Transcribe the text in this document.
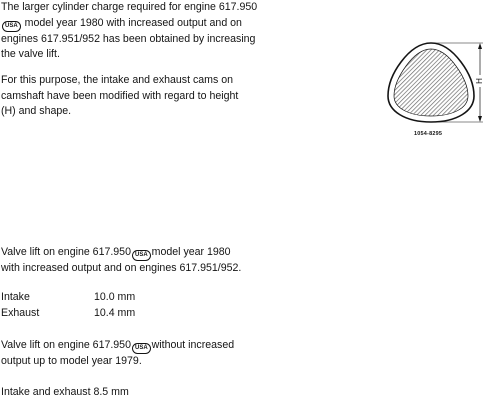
The larger cylinder charge required for engine 617.950
USA model year 1980 with increased output and on
engines 617.951/952 has been obtained by increasing
the valve lift.
For this purpose, the intake and exhaust cams on
camshaft have been modified with regard to height
(H) and shape.
H
1054-8295
Valve lift on engine 617.950 USA model year 1980
with increased output and on engines 617.951/952.
Intake	10.0 mm
Exhaust	10.4 mm
Valve lift on engine 617.950 USA without increased
output up to model year 1979.
Intake and exhaust 8.5 mm
